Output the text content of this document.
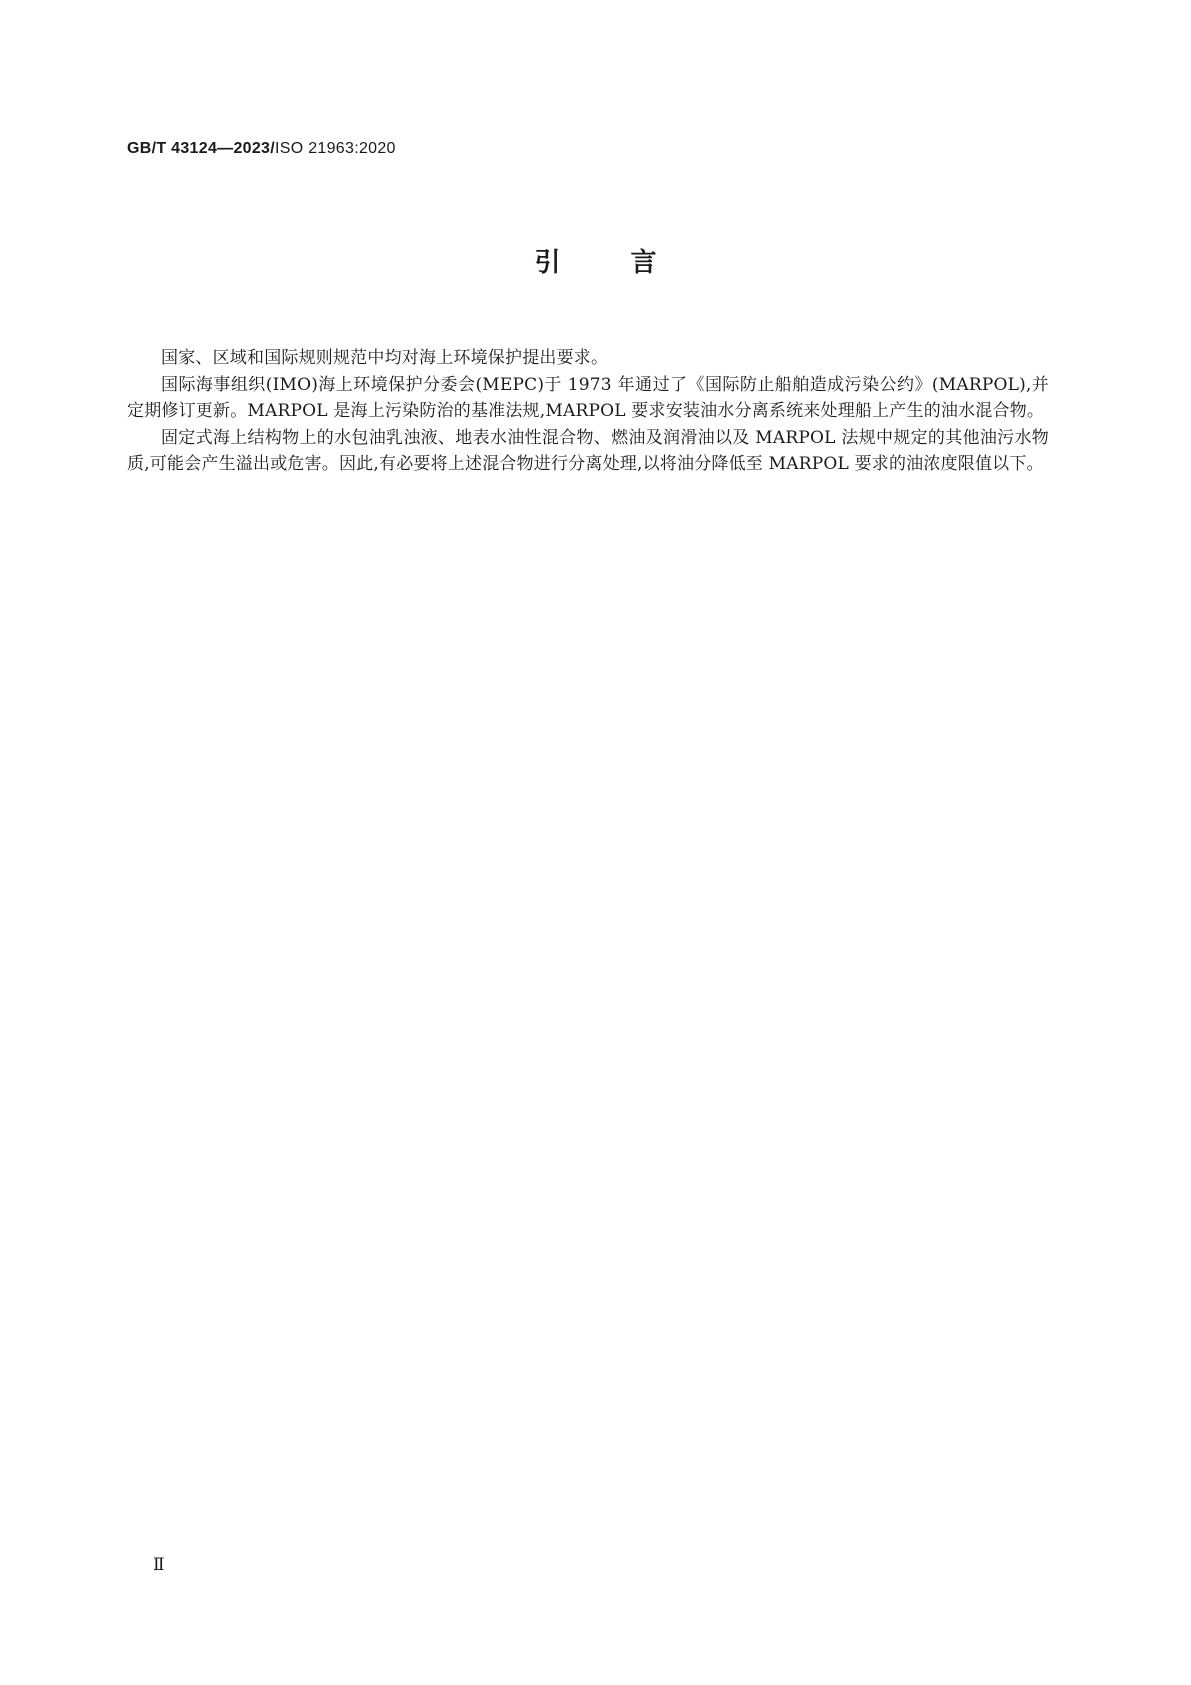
GB/T 43124—2023/ISO 21963:2020
引	言

国家、区域和国际规则规范中均对海上环境保护提出要求。

国际海事组织(IMO)海上环境保护分委会(MEPC)于 1973 年通过了《国际防止船舶造成污染公约》(MARPOL),并定期修订更新。MARPOL 是海上污染防治的基准法规,MARPOL 要求安装油水分离系统来处理船上产生的油水混合物。

固定式海上结构物上的水包油乳浊液、地表水油性混合物、燃油及润滑油以及 MARPOL 法规中规定的其他油污水物质,可能会产生溢出或危害。因此,有必要将上述混合物进行分离处理,以将油分降低至 MARPOL 要求的油浓度限值以下。

Ⅱ
